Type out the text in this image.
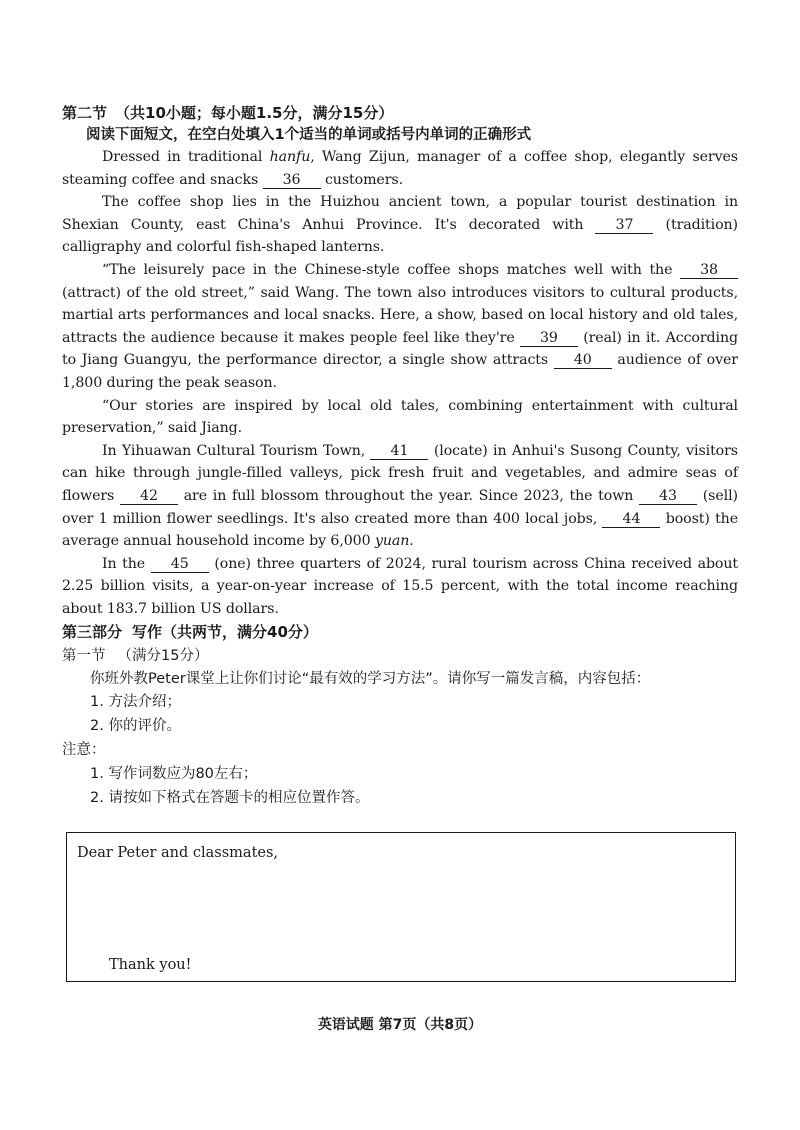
第二节 （共10小题；每小题1.5分，满分15分）

阅读下面短文，在空白处填入1个适当的单词或括号内单词的正确形式

Dressed in traditional hanfu, Wang Zijun, manager of a coffee shop, elegantly serves steaming coffee and snacks 36 customers.

The coffee shop lies in the Huizhou ancient town, a popular tourist destination in Shexian County, east China's Anhui Province. It's decorated with 37 (tradition) calligraphy and colorful fish-shaped lanterns.

“The leisurely pace in the Chinese-style coffee shops matches well with the 38 (attract) of the old street,” said Wang. The town also introduces visitors to cultural products, martial arts performances and local snacks. Here, a show, based on local history and old tales, attracts the audience because it makes people feel like they're 39 (real) in it. According to Jiang Guangyu, the performance director, a single show attracts 40 audience of over 1,800 during the peak season.

“Our stories are inspired by local old tales, combining entertainment with cultural preservation,” said Jiang.

In Yihuawan Cultural Tourism Town, 41 (locate) in Anhui's Susong County, visitors can hike through jungle-filled valleys, pick fresh fruit and vegetables, and admire seas of flowers 42 are in full blossom throughout the year. Since 2023, the town 43 (sell) over 1 million flower seedlings. It's also created more than 400 local jobs, 44 boost) the average annual household income by 6,000 yuan.

In the 45 (one) three quarters of 2024, rural tourism across China received about 2.25 billion visits, a year-on-year increase of 15.5 percent, with the total income reaching about 183.7 billion US dollars.

第三部分 写作（共两节，满分40分）

第一节 （满分15分）

你班外教Peter课堂上让你们讨论“最有效的学习方法”。请你写一篇发言稿，内容包括：

1. 方法介绍；

2. 你的评价。

注意：

1. 写作词数应为80左右；

2. 请按如下格式在答题卡的相应位置作答。

Dear Peter and classmates,
Thank you!
英语试题 第7页（共8页）
